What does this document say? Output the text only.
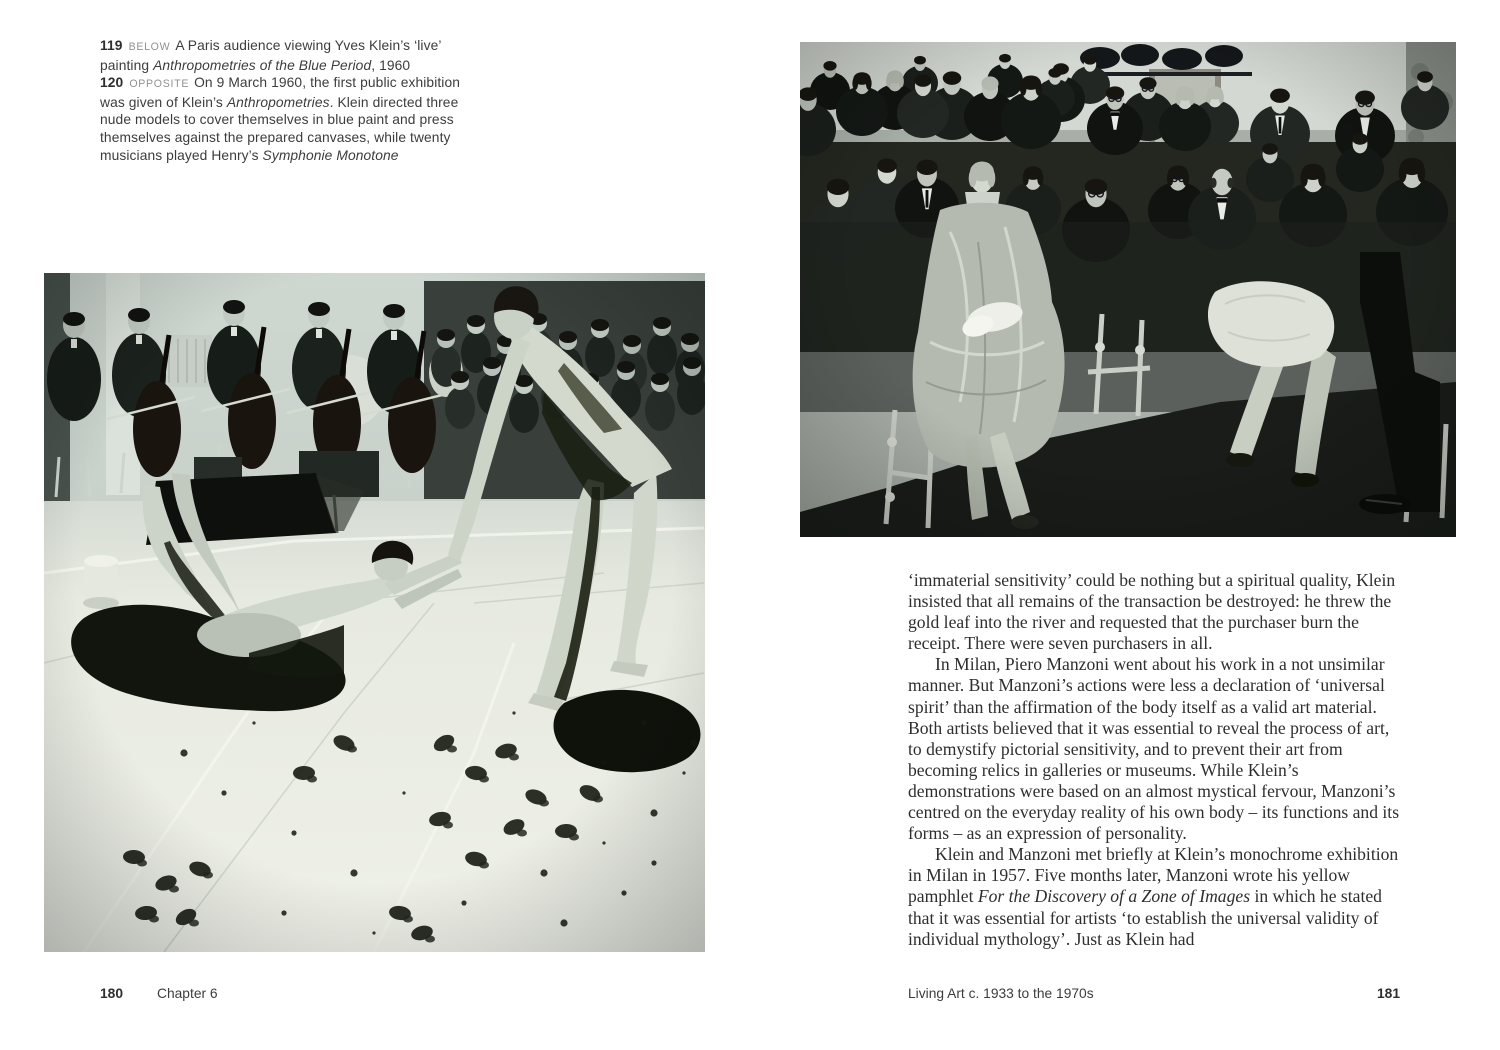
119 BELOW A Paris audience viewing Yves Klein’s ‘live’ painting Anthropometries of the Blue Period, 1960
120 OPPOSITE On 9 March 1960, the first public exhibition was given of Klein’s Anthropometries. Klein directed three nude models to cover themselves in blue paint and press themselves against the prepared canvases, while twenty musicians played Henry’s Symphonie Monotone

180 Chapter 6

‘immaterial sensitivity’ could be nothing but a spiritual quality, Klein insisted that all remains of the transaction be destroyed: he threw the gold leaf into the river and requested that the purchaser burn the receipt. There were seven purchasers in all.

In Milan, Piero Manzoni went about his work in a not unsimilar manner. But Manzoni’s actions were less a declaration of ‘universal spirit’ than the affirmation of the body itself as a valid art material. Both artists believed that it was essential to reveal the process of art, to demystify pictorial sensitivity, and to prevent their art from becoming relics in galleries or museums. While Klein’s demonstrations were based on an almost mystical fervour, Manzoni’s centred on the everyday reality of his own body – its functions and its forms – as an expression of personality.

Klein and Manzoni met briefly at Klein’s monochrome exhibition in Milan in 1957. Five months later, Manzoni wrote his yellow pamphlet For the Discovery of a Zone of Images in which he stated that it was essential for artists ‘to establish the universal validity of individual mythology’. Just as Klein had

Living Art c. 1933 to the 1970s	181
